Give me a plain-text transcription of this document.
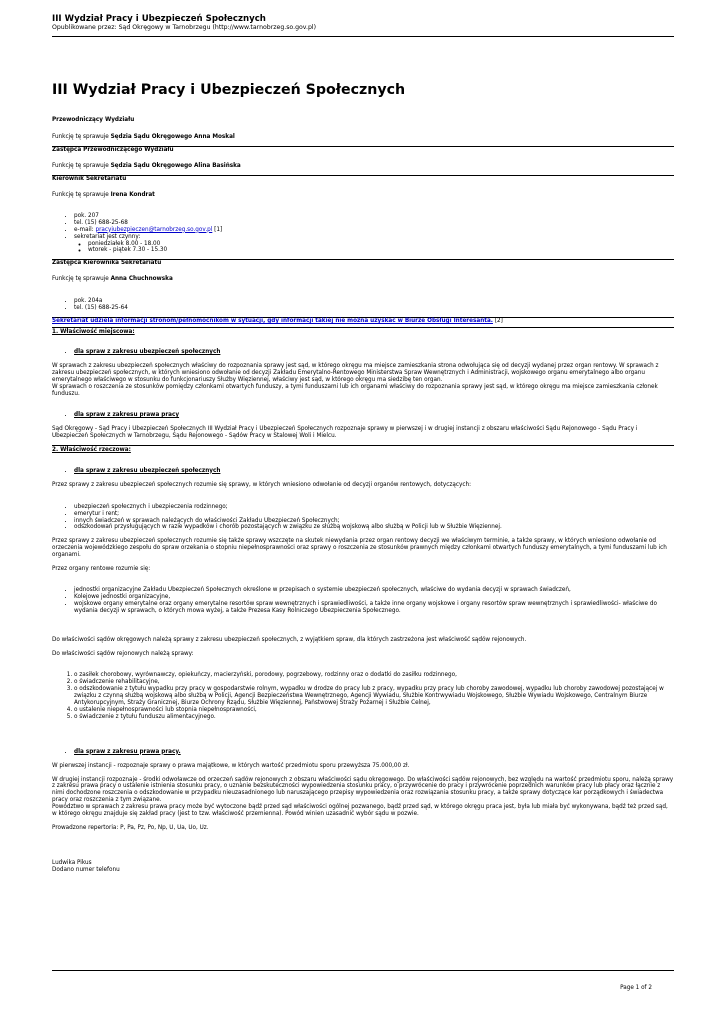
III Wydział Pracy i Ubezpieczeń Społecznych
Opublikowane przez: Sąd Okręgowy w Tarnobrzegu (http://www.tarnobrzeg.so.gov.pl)
III Wydział Pracy i Ubezpieczeń Społecznych
Przewodniczący Wydziału
Funkcję tę sprawuje Sędzia Sądu Okręgowego Anna Moskal
Zastępca Przewodniczącego Wydziału
Funkcję tę sprawuje Sędzia Sądu Okręgowego Alina Basińska
Kierownik Sekretariatu
Funkcję tę sprawuje Irena Kondrat
• pok. 207
• tel. (15) 688-25-68
• e-mail: pracyiubezpieczen@tarnobrzeg.so.gov.pl [1]
• sekretariat jest czynny:
◦ poniedziałek 8.00 - 18.00
◦ wtorek - piątek 7.30 - 15.30
Zastępca Kierownika Sekretariatu
Funkcję tę sprawuje Anna Chuchnowska
• pok. 204a
• tel. (15) 688-25-64
Sekretariat udziela informacji stronom/pełnomocnikom w sytuacji, gdy informacji takiej nie można uzyskać w Biurze Obsługi Interesanta. [2]
1. Właściwość miejscowa:
• dla spraw z zakresu ubezpieczeń społecznych
W sprawach z zakresu ubezpieczeń społecznych właściwy do rozpoznania sprawy jest sąd, w którego okręgu ma miejsce zamieszkania strona odwołująca się od decyzji wydanej przez organ rentowy. W sprawach z zakresu ubezpieczeń społecznych, w których wniesiono odwołanie od decyzji Zakładu Emerytalno-Rentowego Ministerstwa Spraw Wewnętrznych i Administracji, wojskowego organu emerytalnego albo organu emerytalnego właściwego w stosunku do funkcjonariuszy Służby Więziennej, właściwy jest sąd, w którego okręgu ma siedzibę ten organ.
W sprawach o roszczenia ze stosunków pomiędzy członkami otwartych funduszy, a tymi funduszami lub ich organami właściwy do rozpoznania sprawy jest sąd, w którego okręgu ma miejsce zamieszkania członek funduszu.
• dla spraw z zakresu prawa pracy
Sąd Okręgowy - Sąd Pracy i Ubezpieczeń Społecznych III Wydział Pracy i Ubezpieczeń Społecznych rozpoznaje sprawy w pierwszej i w drugiej instancji z obszaru właściwości Sądu Rejonowego - Sądu Pracy i Ubezpieczeń Społecznych w Tarnobrzegu, Sądu Rejonowego - Sądów Pracy w Stalowej Woli i Mielcu.
2. Właściwość rzeczowa:
• dla spraw z zakresu ubezpieczeń społecznych
Przez sprawy z zakresu ubezpieczeń społecznych rozumie się sprawy, w których wniesiono odwołanie od decyzji organów rentowych, dotyczących:
• ubezpieczeń społecznych i ubezpieczenia rodzinnego;
• emerytur i rent;
• innych świadczeń w sprawach należących do właściwości Zakładu Ubezpieczeń Społecznych;
• odszkodowań przysługujących w razie wypadków i chorób pozostających w związku ze służbą wojskową albo służbą w Policji lub w Służbie Więziennej.
Przez sprawy z zakresu ubezpieczeń społecznych rozumie się także sprawy wszczęte na skutek niewydania przez organ rentowy decyzji we właściwym terminie, a także sprawy, w których wniesiono odwołanie od orzeczenia wojewódzkiego zespołu do spraw orzekania o stopniu niepełnosprawności oraz sprawy o roszczenia ze stosunków prawnych między członkami otwartych funduszy emerytalnych, a tymi funduszami lub ich organami.
Przez organy rentowe rozumie się:
• jednostki organizacyjne Zakładu Ubezpieczeń Społecznych określone w przepisach o systemie ubezpieczeń społecznych, właściwe do wydania decyzji w sprawach świadczeń,
• Kolejowe jednostki organizacyjne,
• wojskowe organy emerytalne oraz organy emerytalne resortów spraw wewnętrznych i sprawiedliwości, a także inne organy wojskowe i organy resortów spraw wewnętrznych i sprawiedliwości- właściwe do wydania decyzji w sprawach, o których mowa wyżej, a także Prezesa Kasy Rolniczego Ubezpieczenia Społecznego.
Do właściwości sądów okręgowych należą sprawy z zakresu ubezpieczeń społecznych, z wyjątkiem spraw, dla których zastrzeżona jest właściwość sądów rejonowych.
Do właściwości sądów rejonowych należą sprawy:
1. o zasiłek chorobowy, wyrównawczy, opiekuńczy, macierzyński, porodowy, pogrzebowy, rodzinny oraz o dodatki do zasiłku rodzinnego,
2. o świadczenie rehabilitacyjne,
3. o odszkodowanie z tytułu wypadku przy pracy w gospodarstwie rolnym, wypadku w drodze do pracy lub z pracy, wypadku przy pracy lub choroby zawodowej, wypadku lub choroby zawodowej pozostającej w związku z czynną służbą wojskową albo służbą w Policji, Agencji Bezpieczeństwa Wewnętrznego, Agencji Wywiadu, Służbie Kontrwywiadu Wojskowego, Służbie Wywiadu Wojskowego, Centralnym Biurze Antykorupcyjnym, Straży Granicznej, Biurze Ochrony Rządu, Służbie Więziennej, Państwowej Straży Pożarnej i Służbie Celnej,
4. o ustalenie niepełnosprawności lub stopnia niepełnosprawności,
5. o świadczenie z tytułu funduszu alimentacyjnego.
• dla spraw z zakresu prawa pracy.
W pierwszej instancji - rozpoznaje sprawy o prawa majątkowe, w których wartość przedmiotu sporu przewyższa 75.000,00 zł.
W drugiej instancji rozpoznaje - środki odwoławcze od orzeczeń sądów rejonowych z obszaru właściwości sądu okręgowego. Do właściwości sądów rejonowych, bez względu na wartość przedmiotu sporu, należą sprawy z zakresu prawa pracy o ustalenie istnienia stosunku pracy, o uznanie bezskuteczności wypowiedzenia stosunku pracy, o przywrócenie do pracy i przywrócenie poprzednich warunków pracy lub płacy oraz łącznie z nimi dochodzone roszczenia o odszkodowanie w przypadku nieuzasadnionego lub naruszającego przepisy wypowiedzenia oraz rozwiązania stosunku pracy, a także sprawy dotyczące kar porządkowych i świadectwa pracy oraz roszczenia z tym związane.
Powództwo w sprawach z zakresu prawa pracy może być wytoczone bądź przed sąd właściwości ogólnej pozwanego, bądź przed sąd, w którego okręgu praca jest, była lub miała być wykonywana, bądź też przed sąd, w którego okręgu znajduje się zakład pracy (jest to tzw. właściwość przemienna). Powód winien uzasadnić wybór sądu w pozwie.
Prowadzone repertoria: P, Pa, Pz, Po, Np, U, Ua, Uo, Uz.
Ludwika Pikus
Dodano numer telefonu
Page 1 of 2
